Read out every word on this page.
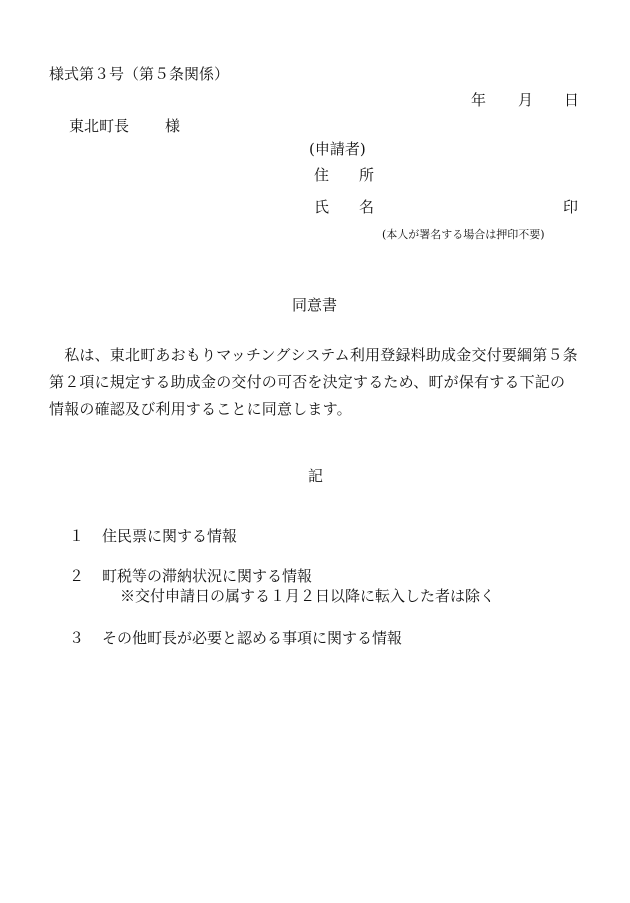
様式第３号（第５条関係）
年 月 日
東北町長 様
(申請者)
住　　所
氏　　名	印
(本人が署名する場合は押印不要)
同意書
　私は、東北町あおもりマッチングシステム利用登録料助成金交付要綱第５条
第２項に規定する助成金の交付の可否を決定するため、町が保有する下記の
情報の確認及び利用することに同意します。
記
１ 住民票に関する情報
２ 町税等の滞納状況に関する情報
※交付申請日の属する１月２日以降に転入した者は除く
３ その他町長が必要と認める事項に関する情報
